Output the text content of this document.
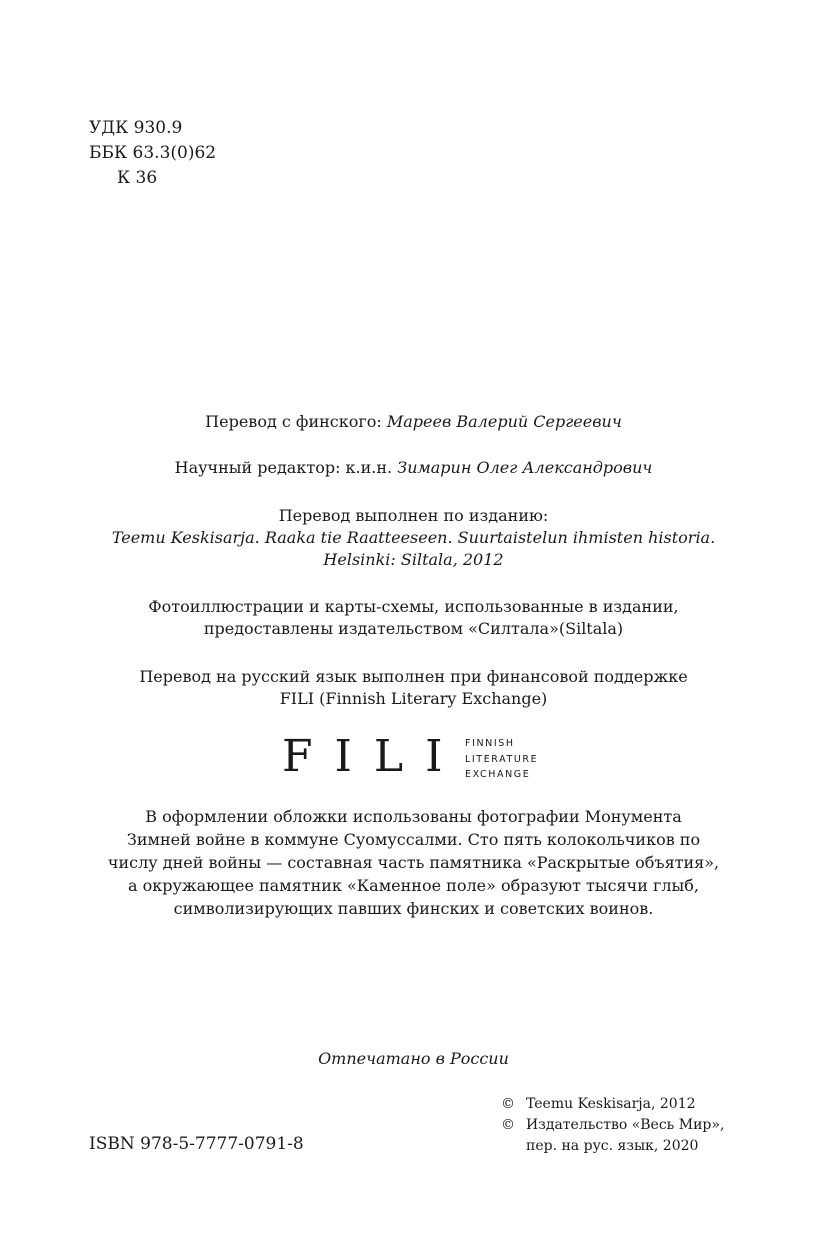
УДК 930.9
ББК 63.3(0)62
К 36
Перевод с финского: Мареев Валерий Сергеевич
Научный редактор: к.и.н. Зимарин Олег Александрович
Перевод выполнен по изданию:
Teemu Keskisarja. Raaka tie Raatteeseen. Suurtaistelun ihmisten historia.
Helsinki: Siltala, 2012
Фотоиллюстрации и карты-схемы, использованные в издании,
предоставлены издательством «Силтала»(Siltala)
Перевод на русский язык выполнен при финансовой поддержке
FILI (Finnish Literary Exchange)
FILI FINNISH
LITERATURE
EXCHANGE
В оформлении обложки использованы фотографии Монумента
Зимней войне в коммуне Суомуссалми. Сто пять колокольчиков по
числу дней войны — составная часть памятника «Раскрытые объятия»,
а окружающее памятник «Каменное поле» образуют тысячи глыб,
символизирующих павших финских и советских воинов.
Отпечатано в России
ISBN 978-5-7777-0791-8
© Teemu Keskisarja, 2012
© Издательство «Весь Мир»,
пер. на рус. язык, 2020
